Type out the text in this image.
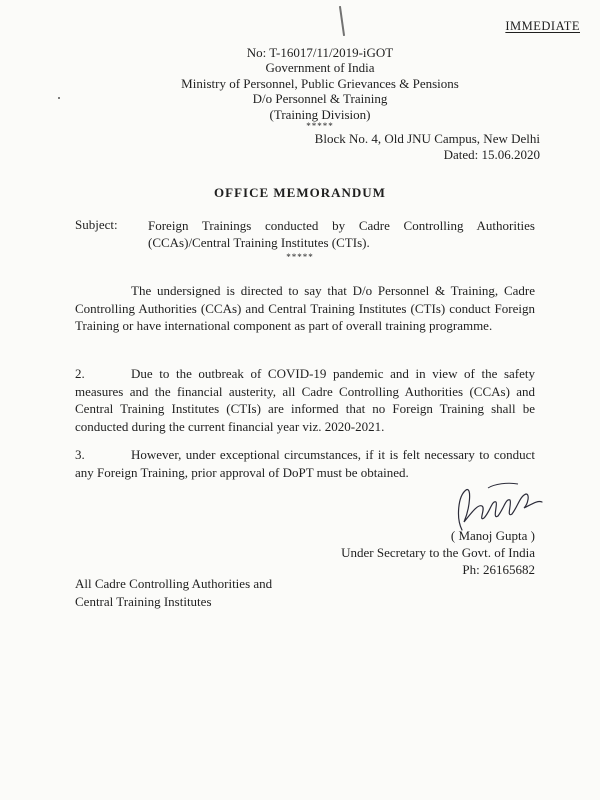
IMMEDIATE
No: T-16017/11/2019-iGOT
Government of India
Ministry of Personnel, Public Grievances & Pensions
D/o Personnel & Training
(Training Division)
*****
Block No. 4, Old JNU Campus, New Delhi
Dated: 15.06.2020
OFFICE MEMORANDUM
Subject: Foreign Trainings conducted by Cadre Controlling Authorities (CCAs)/Central Training Institutes (CTIs).
*****
The undersigned is directed to say that D/o Personnel & Training, Cadre Controlling Authorities (CCAs) and Central Training Institutes (CTIs) conduct Foreign Training or have international component as part of overall training programme.
2.	Due to the outbreak of COVID-19 pandemic and in view of the safety measures and the financial austerity, all Cadre Controlling Authorities (CCAs) and Central Training Institutes (CTIs) are informed that no Foreign Training shall be conducted during the current financial year viz. 2020-2021.
3.	However, under exceptional circumstances, if it is felt necessary to conduct any Foreign Training, prior approval of DoPT must be obtained.
( Manoj Gupta )
Under Secretary to the Govt. of India
Ph: 26165682
All Cadre Controlling Authorities and
Central Training Institutes
